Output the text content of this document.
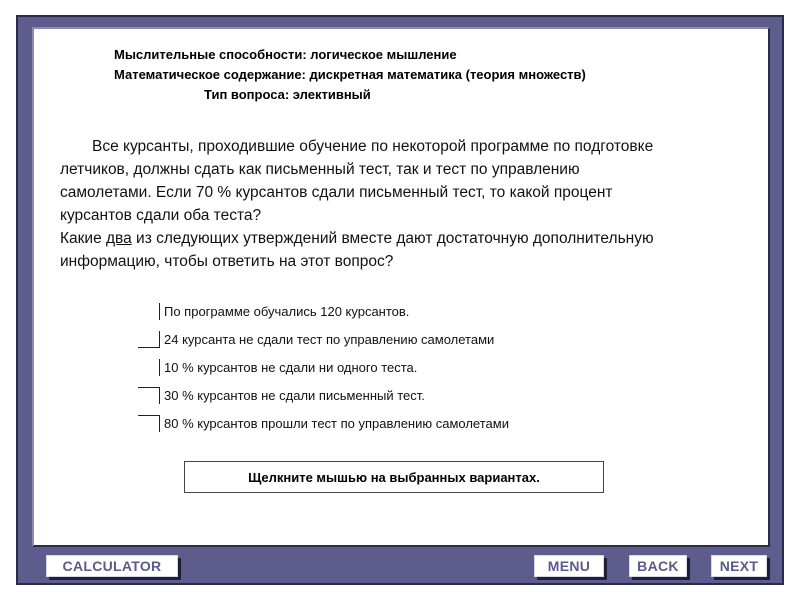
Мыслительные способности: логическое мышление
Математическое содержание: дискретная математика (теория множеств)
Тип вопроса: элективный
Все курсанты, проходившие обучение по некоторой программе по подготовке
летчиков, должны сдать как письменный тест, так и тест по управлению
самолетами. Если 70 % курсантов сдали письменный тест, то какой процент
курсантов сдали оба теста?
Какие два из следующих утверждений вместе дают достаточную дополнительную
информацию, чтобы ответить на этот вопрос?
По программе обучались 120 курсантов.
24 курсанта не сдали тест по управлению самолетами
10 % курсантов не сдали ни одного теста.
30 % курсантов не сдали письменный тест.
80 % курсантов прошли тест по управлению самолетами
Щелкните мышью на выбранных вариантах.
CALCULATOR	MENU	BACK	NEXT
